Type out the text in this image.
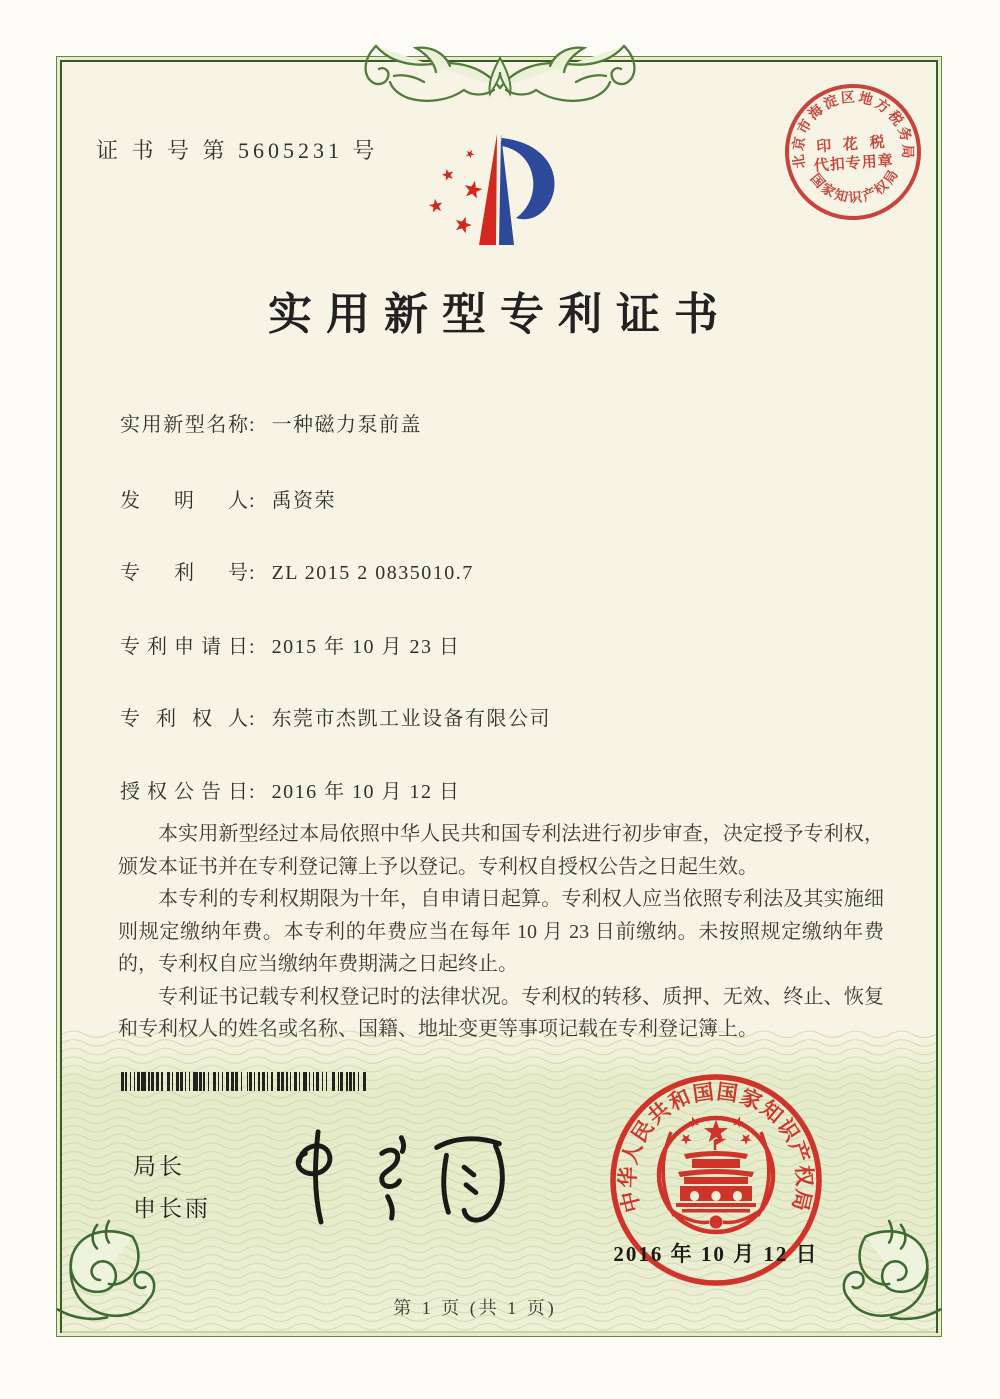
证 书 号 第 5605231 号	北京市海淀区地方税务局
国家知识产权局
印 花 税
代扣专用章
实用新型专利证书
实用新型名称: 一种磁力泵前盖
发 明 人: 禹资荣
专 利 号: ZL 2015 2 0835010.7
专利申请日: 2015 年 10 月 23 日
专 利 权 人: 东莞市杰凯工业设备有限公司
授权公告日: 2016 年 10 月 12 日

本实用新型经过本局依照中华人民共和国专利法进行初步审查，决定授予专利权，颁发本证书并在专利登记簿上予以登记。专利权自授权公告之日起生效。

本专利的专利权期限为十年，自申请日起算。专利权人应当依照专利法及其实施细则规定缴纳年费。本专利的年费应当在每年 10 月 23 日前缴纳。未按照规定缴纳年费的，专利权自应当缴纳年费期满之日起终止。

专利证书记载专利权登记时的法律状况。专利权的转移、质押、无效、终止、恢复和专利权人的姓名或名称、国籍、地址变更等事项记载在专利登记簿上。

局长
申长雨	中华人民共和国国家知识产权局
2016 年 10 月 12 日
第 1 页 (共 1 页)
